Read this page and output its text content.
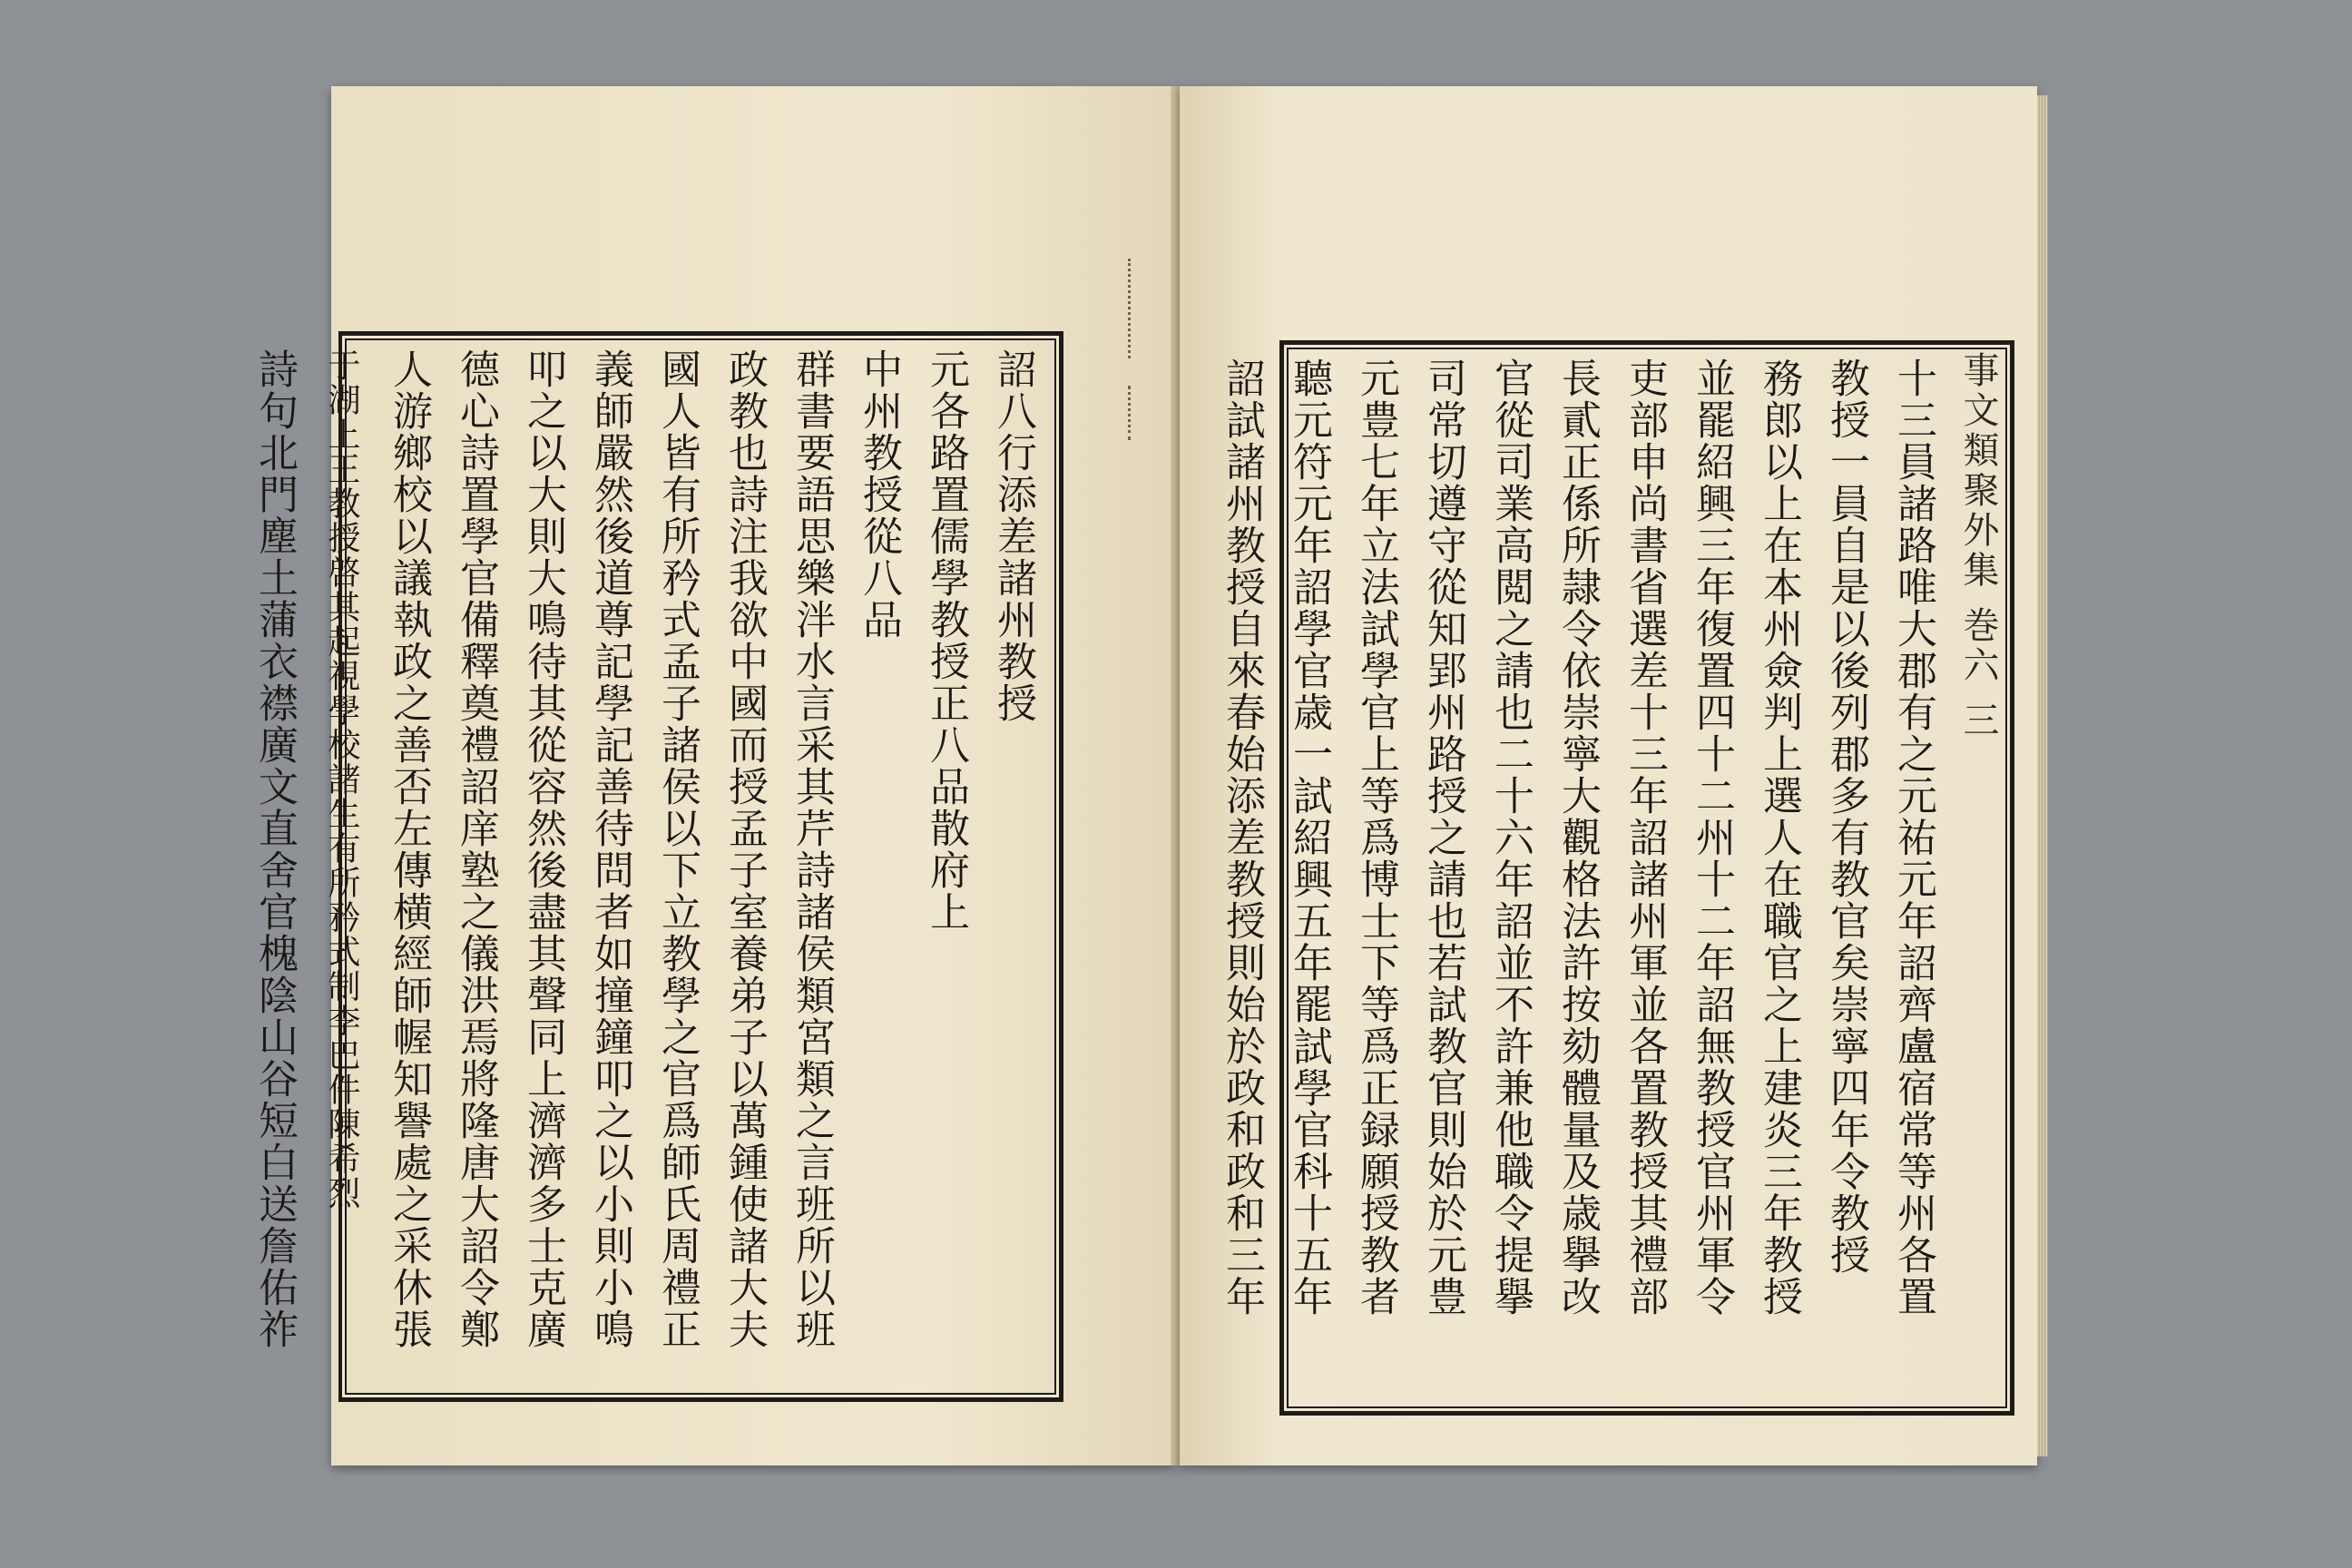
詔八行添差諸州教授
元各路置儒學教授正八品散府上
中州教授從八品
群書要語思樂泮水言采其芹詩諸侯類宮類之言班所以班
政教也詩注我欲中國而授孟子室養弟子以萬鍾使諸大夫
國人皆有所矜式孟子諸侯以下立教學之官爲師氏周禮正
義師嚴然後道尊記學記善待問者如撞鐘叩之以小則小鳴
叩之以大則大鳴待其從容然後盡其聲同上濟濟多士克廣
德心詩置學官備釋奠禮詔庠塾之儀洪焉將隆唐大詔令鄭
人游鄉校以議執政之善否左傳横經師幄知譽處之采休張
于湖上王教授啓其起視學校諸生有所矜式制李巴件陳希烈
詩句北門塵土蒲衣襟廣文直舍官槐陰山谷短白送詹佑祚	十三員諸路唯大郡有之元祐元年詔齊盧宿常等州各置
教授一員自是以後列郡多有教官矣崇寧四年令教授
務郎以上在本州僉判上選人在職官之上建炎三年教授
並罷紹興三年復置四十二州十二年詔無教授官州軍令
吏部申尚書省選差十三年詔諸州軍並各置教授其禮部
長貳正係所隷令依崇寧大觀格法許按劾體量及歳擧改
官從司業高閲之請也二十六年詔並不許兼他職令提擧
司常切遵守從知郢州路授之請也若試教官則始於元豊
元豊七年立法試學官上等爲博士下等爲正録願授教者
聽元符元年詔學官歳一試紹興五年罷試學官科十五年
詔試諸州教授自來春始添差教授則始於政和政和三年	事文類聚外集 巻六 三
